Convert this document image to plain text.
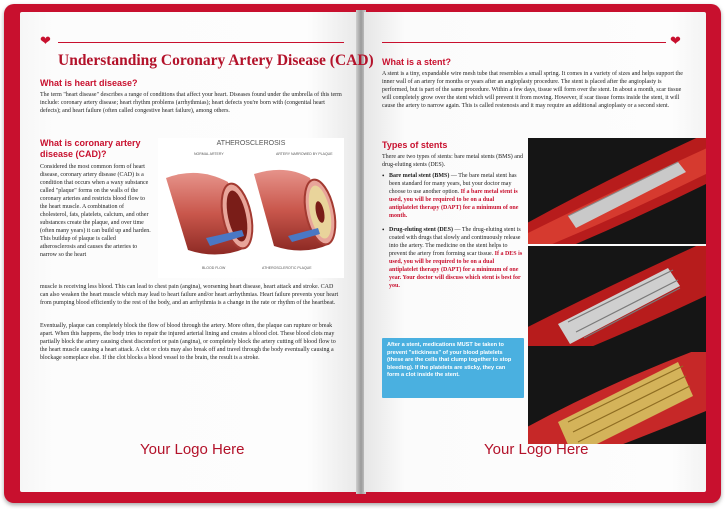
❤
Understanding Coronary Artery Disease (CAD)
What is heart disease?
The term "heart disease" describes a range of conditions that affect your heart. Diseases found under the umbrella of this term include: coronary artery disease; heart rhythm problems (arrhythmias); heart defects you're born with (congenital heart defects); and heart failure (often called congestive heart failure), among others.
What is coronary artery disease (CAD)?
Considered the most common form of heart disease, coronary artery disease (CAD) is a condition that occurs when a waxy substance called "plaque" forms on the walls of the coronary arteries and restricts blood flow to the heart muscle. A combination of cholesterol, fats, platelets, calcium, and other substances create the plaque, and over time (often many years) it can build up and harden. This buildup of plaque is called atherosclerosis and causes the arteries to narrow so the heart
muscle is receiving less blood. This can lead to chest pain (angina), worsening heart disease, heart attack and stroke. CAD can also weaken the heart muscle which may lead to heart failure and/or heart arrhythmias. Heart failure prevents your heart from pumping blood efficiently to the rest of the body, and an arrhythmia is a change in the rate or rhythm of the heartbeat.
Eventually, plaque can completely block the flow of blood through the artery. More often, the plaque can rupture or break apart. When this happens, the body tries to repair the injured arterial lining and creates a blood clot. These blood clots may partially block the artery causing chest discomfort or pain (angina), or completely block the artery cutting off blood flow to the heart muscle causing a heart attack. A clot or clots may also break off and travel through the body eventually causing a blockage someplace else. If the clot blocks a blood vessel to the brain, the result is a stroke.
ATHEROSCLEROSIS
NORMAL ARTERY	ARTERY NARROWED BY PLAQUE
BLOOD FLOW	ATHEROSCLEROTIC PLAQUE
Your Logo Here
❤
What is a stent?
A stent is a tiny, expandable wire mesh tube that resembles a small spring. It comes in a variety of sizes and helps support the inner wall of an artery for months or years after an angioplasty procedure. The stent is placed after the angioplasty is performed, but is part of the same procedure. Within a few days, tissue will form over the stent. In about a month, scar tissue will completely grow over the stent which will prevent it from moving. However, if scar tissue forms inside the stent, it will cause the artery to narrow again. This is called restenosis and it may require an additional angioplasty or a second stent.
Types of stents
There are two types of stents: bare metal stents (BMS) and drug-eluting stents (DES).
• Bare metal stent (BMS) — The bare metal stent has been standard for many years, but your doctor may choose to use another option. If a bare metal stent is used, you will be required to be on a dual antiplatelet therapy (DAPT) for a minimum of one month.
• Drug-eluting stent (DES) — The drug-eluting stent is coated with drugs that slowly and continuously release into the artery. The medicine on the stent helps to prevent the artery from forming scar tissue. If a DES is used, you will be required to be on a dual antiplatelet therapy (DAPT) for a minimum of one year. Your doctor will discuss which stent is best for you.
After a stent, medications MUST be taken to prevent "stickiness" of your blood platelets (these are the cells that clump together to stop bleeding). If the platelets are sticky, they can form a clot inside the stent.
Your Logo Here
